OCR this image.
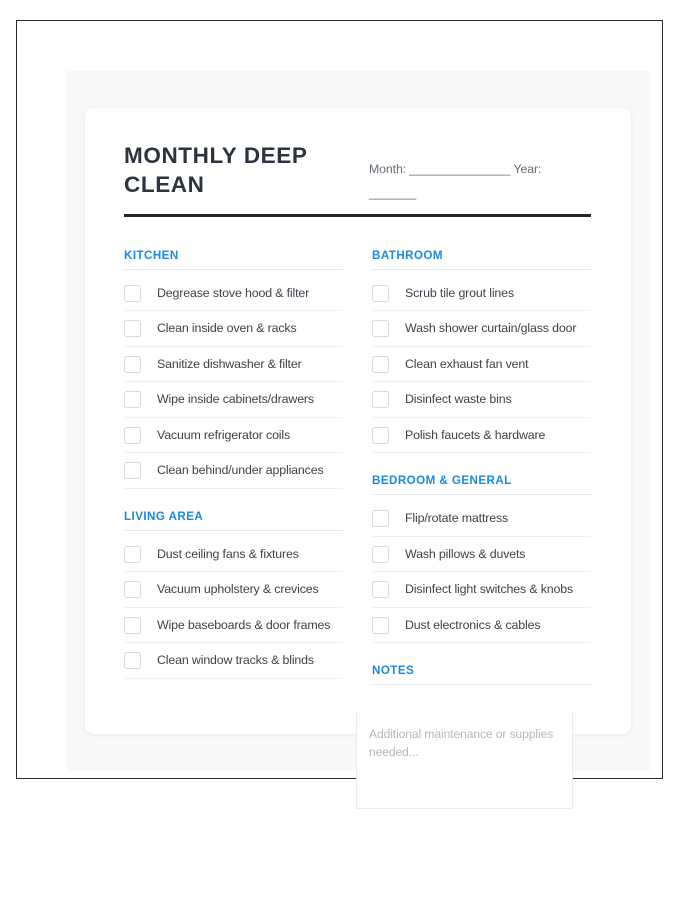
MONTHLY DEEP CLEAN
Month: _______________ Year: _______
KITCHEN
Degrease stove hood & filter
Clean inside oven & racks
Sanitize dishwasher & filter
Wipe inside cabinets/drawers
Vacuum refrigerator coils
Clean behind/under appliances
LIVING AREA
Dust ceiling fans & fixtures
Vacuum upholstery & crevices
Wipe baseboards & door frames
Clean window tracks & blinds
BATHROOM
Scrub tile grout lines
Wash shower curtain/glass door
Clean exhaust fan vent
Disinfect waste bins
Polish faucets & hardware
BEDROOM & GENERAL
Flip/rotate mattress
Wash pillows & duvets
Disinfect light switches & knobs
Dust electronics & cables
NOTES
Additional maintenance or supplies needed...
